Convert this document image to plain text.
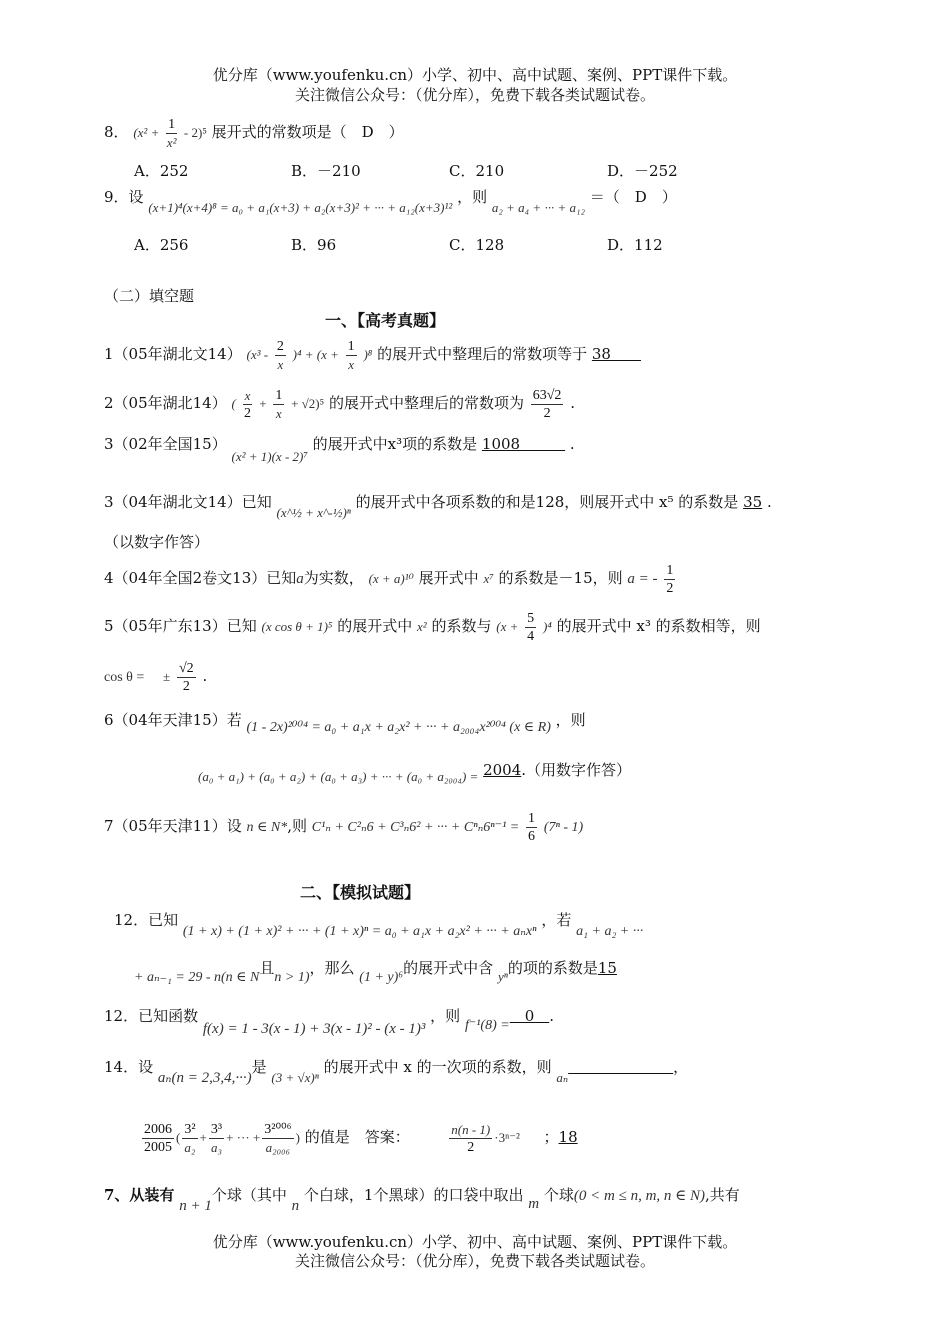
优分库（www.youfenku.cn）小学、初中、高中试题、案例、PPT课件下载。
关注微信公众号：（优分库），免费下载各类试题试卷。
8． $(x^2 + \frac{1}{\text{x²}} - 2)^5$ 展开式的常数项是（　D　）
A．252	B．－210	C．210	D．－252
9．设 (x+1)⁴(x+4)⁸ = a₀ + a₁(x+3) + a₂(x+3)² + ··· + a₁₂(x+3)¹² ，则 a₂ + a₄ + ··· + a₁₂ ＝（　D　）
A．256	B．96	C．128	D．112
（二）填空题
一、【高考真题】
1（05年湖北文14） $(x^3 - \frac{2}{x} )^4 + (x + \frac{1}{x} )^8$ 的展开式中整理后的常数项等于 38　　
2（05年湖北14） ( $\frac{x}{2} + \frac{1}{x} + √2)^5$ 的展开式中整理后的常数项为 $\frac{63√2}{2}$ .
3（02年全国15） (x² + 1)(x - 2)⁷ 的展开式中x³项的系数是 1008　　　 .
3（04年湖北文14）已知 (x^½ + x^-½)ⁿ 的展开式中各项系数的和是128，则展开式中 x⁵ 的系数是 35 .
（以数字作答）
4（04年全国2卷文13）已知a为实数， (x + a)¹⁰ 展开式中 x⁷ 的系数是－15，则 a = - $\frac{1}{2}$
5（05年广东13）已知 (x cos θ + 1)⁵ 的展开式中 x² 的系数与 $(x + \frac{5}{4} )^4$ 的展开式中 x³ 的系数相等，则
cos θ = ± $\frac{√2}{2}$ .
6（04年天津15）若 (1 - 2x)²⁰⁰⁴ = a₀ + a₁x + a₂x² + ··· + a₂₀₀₄x²⁰⁰⁴ (x ∈ R) ，则
(a₀ + a₁) + (a₀ + a₂) + (a₀ + a₃) + ··· + (a₀ + a₂₀₀₄) = 2004.（用数字作答）
7（05年天津11）设 n ∈ N*,则 C¹ₙ + C²ₙ6 + C³ₙ6² + ··· + $C^n_n6^{n-1} = \frac{1}{6} (7^n - 1)$
二、【模拟试题】
12．已知 (1 + x) + (1 + x)² + ··· + (1 + x)ⁿ = a₀ + a₁x + a₂x² + ··· + aₙxⁿ ，若 a₁ + a₂ + ···
+ aₙ₋₁ = 29 - n(n ∈ N且n > 1)，那么 (1 + y)⁶的展开式中含 yⁿ的项的系数是15
12．已知函数 f(x) = 1 - 3(x - 1) + 3(x - 1)² - (x - 1)³ ，则 f⁻¹(8) =　0　.
14．设 aₙ(n = 2,3,4,···)是 (3 + √x)ⁿ 的展开式中 x 的一次项的系数，则 aₙ　　　　　　　，
$\frac{2006}{2005}$ ( $\frac{\text{3²}}{\text{a₂}} + \frac{\text{3³}}{\text{a₃}}$ + ··· + $\frac{\text{3²⁰⁰⁶}}{\text{a₂₀₀₆}}$ ) 的值是　答案：	$\frac{n(n - 1)}{2} \cdot 3^{n-2}$ ；18
7、从装有 n + 1个球（其中 n 个白球，1个黑球）的口袋中取出 m 个球(0 < m ≤ n, m, n ∈ N),共有
优分库（www.youfenku.cn）小学、初中、高中试题、案例、PPT课件下载。
关注微信公众号：（优分库），免费下载各类试题试卷。
